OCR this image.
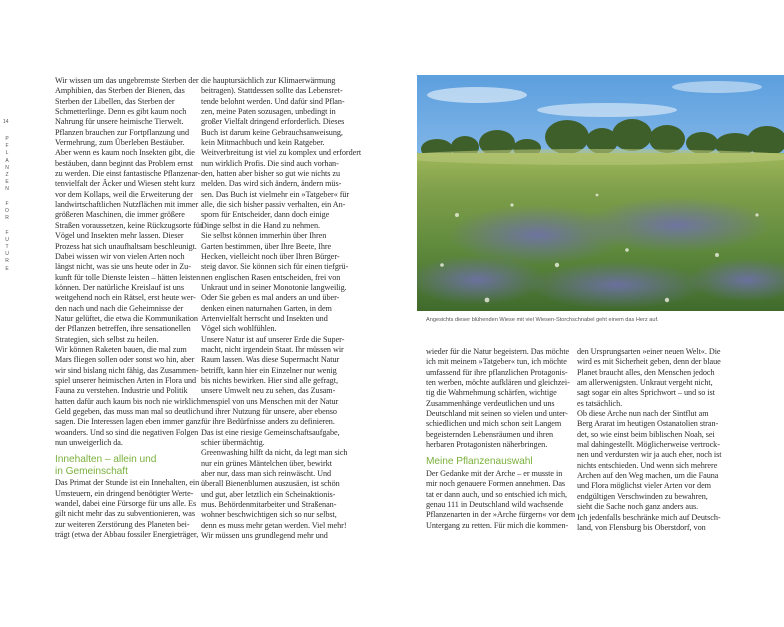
14
P
F
L
A
N
Z
E
N

F
O
R

F
U
T
U
R
E

Wir wissen um das ungebremste Sterben der

Amphibien, das Sterben der Bienen, das

Sterben der Libellen, das Sterben der

Schmetterlinge. Denn es gibt kaum noch

Nahrung für unsere heimische Tierwelt.

Pflanzen brauchen zur Fortpflanzung und

Vermehrung, zum Überleben Bestäuber.

Aber wenn es kaum noch Insekten gibt, die

bestäuben, dann beginnt das Problem ernst

zu werden. Die einst fantastische Pflanzenar-

tenvielfalt der Äcker und Wiesen steht kurz

vor dem Kollaps, weil die Erweiterung der

landwirtschaftlichen Nutzflächen mit immer

größeren Maschinen, die immer größere

Straßen voraussetzen, keine Rückzugsorte für

Vögel und Insekten mehr lassen. Dieser

Prozess hat sich unaufhaltsam beschleunigt.

Dabei wissen wir von vielen Arten noch

längst nicht, was sie uns heute oder in Zu-

kunft für tolle Dienste leisten – hätten leisten

können. Der natürliche Kreislauf ist uns

weitgehend noch ein Rätsel, erst heute wer-

den nach und nach die Geheimnisse der

Natur gelüftet, die etwa die Kommunikation

der Pflanzen betreffen, ihre sensationellen

Strategien, sich selbst zu heilen.

Wir können Raketen bauen, die mal zum

Mars fliegen sollen oder sonst wo hin, aber

wir sind bislang nicht fähig, das Zusammen-

spiel unserer heimischen Arten in Flora und

Fauna zu verstehen. Industrie und Politik

hatten dafür auch kaum bis noch nie wirklich

Geld gegeben, das muss man mal so deutlich

sagen. Die Interessen lagen eben immer ganz

woanders. Und so sind die negativen Folgen

nun unweigerlich da.

Innehalten – allein und
in Gemeinschaft

Das Primat der Stunde ist ein Innehalten, ein

Umsteuern, ein dringend benötigter Werte-

wandel, dabei eine Fürsorge für uns alle. Es

gilt nicht mehr das zu subventionieren, was

zur weiteren Zerstörung des Planeten bei-

trägt (etwa der Abbau fossiler Energieträger,

die hauptursächlich zur Klimaerwärmung

beitragen). Stattdessen sollte das Lebensret-

tende belohnt werden. Und dafür sind Pflan-

zen, meine Paten sozusagen, unbedingt in

großer Vielfalt dringend erforderlich. Dieses

Buch ist darum keine Gebrauchsanweisung,

kein Mitmachbuch und kein Ratgeber.

Weitverbreitung ist viel zu komplex und erfordert

nun wirklich Profis. Die sind auch vorhan-

den, hatten aber bisher so gut wie nichts zu

melden. Das wird sich ändern, ändern müs-

sen. Das Buch ist vielmehr ein »Tatgeber« für

alle, die sich bisher passiv verhalten, ein An-

sporn für Entscheider, dann doch einige

Dinge selbst in die Hand zu nehmen.

Sie selbst können immerhin über Ihren

Garten bestimmen, über Ihre Beete, Ihre

Hecken, vielleicht noch über Ihren Bürger-

steig davor. Sie können sich für einen tiefgrü-

nen englischen Rasen entscheiden, frei von

Unkraut und in seiner Monotonie langweilig.

Oder Sie geben es mal anders an und über-

denken einen naturnahen Garten, in dem

Artenvielfalt herrscht und Insekten und

Vögel sich wohlfühlen.

Unsere Natur ist auf unserer Erde die Super-

macht, nicht irgendein Staat. Ihr müssen wir

Raum lassen. Was diese Supermacht Natur

betrifft, kann hier ein Einzelner nur wenig

bis nichts bewirken. Hier sind alle gefragt,

unsere Umwelt neu zu sehen, das Zusam-

menspiel von uns Menschen mit der Natur

und ihrer Nutzung für unsere, aber ebenso

für ihre Bedürfnisse anders zu definieren.

Das ist eine riesige Gemeinschaftsaufgabe,

schier übermächtig.

Greenwashing hilft da nicht, da legt man sich

nur ein grünes Mäntelchen über, bewirkt

aber nur, dass man sich reinwäscht. Und

überall Bienenblumen auszusäen, ist schön

und gut, aber letztlich ein Scheinaktionis-

mus. Behördenmitarbeiter und Straßenan-

wohner beschwichtigen sich so nur selbst,

denn es muss mehr getan werden. Viel mehr!

Wir müssen uns grundlegend mehr und

Angesichts dieser blühenden Wiese mit viel Wiesen-Storchschnabel geht einem das Herz auf.

wieder für die Natur begeistern. Das möchte

ich mit meinem »Tatgeber« tun, ich möchte

umfassend für ihre pflanzlichen Protagonis-

ten werben, möchte aufklären und gleichzei-

tig die Wahrnehmung schärfen, wichtige

Zusammenhänge verdeutlichen und uns

Deutschland mit seinen so vielen und unter-

schiedlichen und mich schon seit Langem

begeisternden Lebensräumen und ihren

herbaren Protagonisten näherbringen.

Meine Pflanzenauswahl

Der Gedanke mit der Arche – er musste in

mir noch genauere Formen annehmen. Das

tat er dann auch, und so entschied ich mich,

genau 111 in Deutschland wild wachsende

Pflanzenarten in der »Arche fürgern« vor dem

Untergang zu retten. Für mich die kommen-

den Ursprungsarten »einer neuen Welt«. Die

wird es mit Sicherheit geben, denn der blaue

Planet braucht alles, den Menschen jedoch

am allerwenigsten. Unkraut vergeht nicht,

sagt sogar ein altes Sprichwort – und so ist

es tatsächlich.

Ob diese Arche nun nach der Sintflut am

Berg Ararat im heutigen Ostanatolien stran-

det, so wie einst beim biblischen Noah, sei

mal dahingestellt. Möglicherweise vertrock-

nen und verdursten wir ja auch eher, noch ist

nichts entschieden. Und wenn sich mehrere

Archen auf den Weg machen, um die Fauna

und Flora möglichst vieler Arten vor dem

endgültigen Verschwinden zu bewahren,

sieht die Sache noch ganz anders aus.

Ich jedenfalls beschränke mich auf Deutsch-

land, von Flensburg bis Oberstdorf, von
